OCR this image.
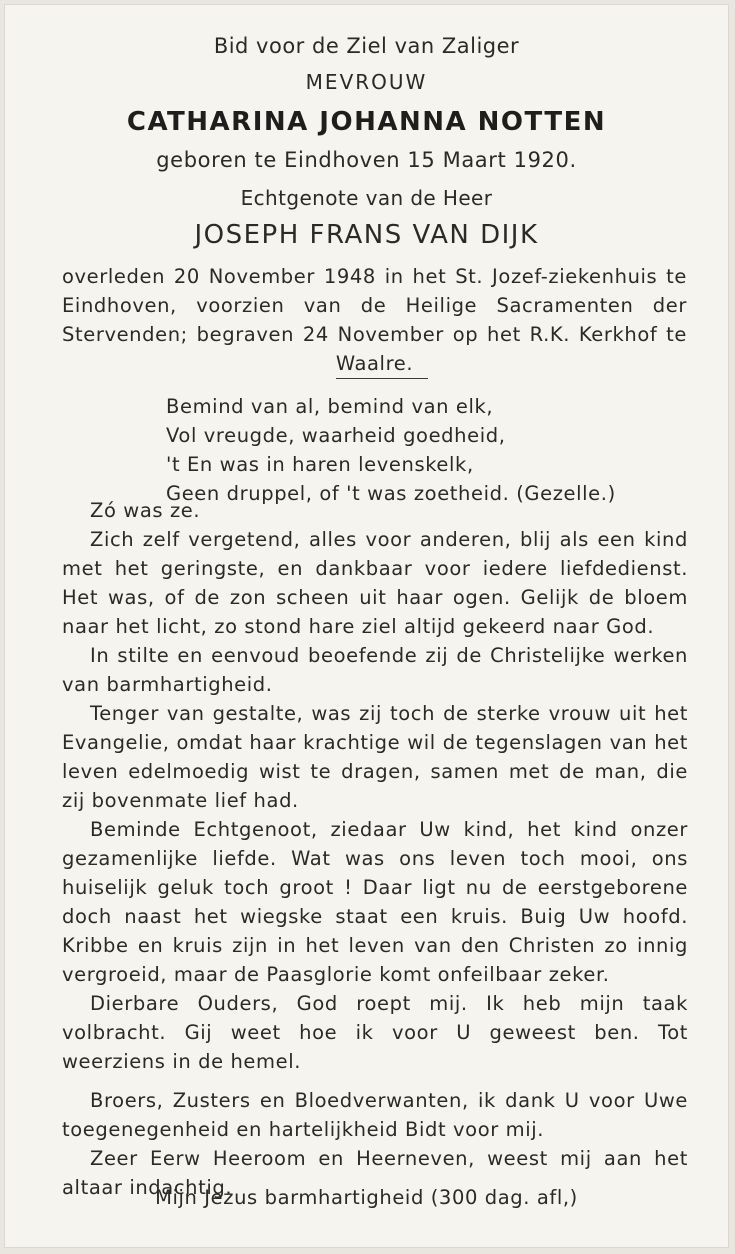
Bid voor de Ziel van Zaliger
MEVROUW
CATHARINA JOHANNA NOTTEN
geboren te Eindhoven 15 Maart 1920.
Echtgenote van de Heer
JOSEPH FRANS VAN DIJK
overleden 20 November 1948 in het St. Jozef-ziekenhuis te Eindhoven, voorzien van de Heilige Sacramenten der Stervenden; begraven 24 November op het R.K. Kerkhof te Waalre.
Bemind van al, bemind van elk,
Vol vreugde, waarheid goedheid,
't En was in haren levenskelk,
Geen druppel, of 't was zoetheid. (Gezelle.)

Zó was ze.

Zich zelf vergetend, alles voor anderen, blij als een kind met het geringste, en dankbaar voor iedere liefdedienst. Het was, of de zon scheen uit haar ogen. Gelijk de bloem naar het licht, zo stond hare ziel altijd gekeerd naar God.

In stilte en eenvoud beoefende zij de Christelijke werken van barmhartigheid.

Tenger van gestalte, was zij toch de sterke vrouw uit het Evangelie, omdat haar krachtige wil de tegenslagen van het leven edelmoedig wist te dragen, samen met de man, die zij bovenmate lief had.

Beminde Echtgenoot, ziedaar Uw kind, het kind onzer gezamenlijke liefde. Wat was ons leven toch mooi, ons huiselijk geluk toch groot ! Daar ligt nu de eerstgeborene doch naast het wiegske staat een kruis. Buig Uw hoofd. Kribbe en kruis zijn in het leven van den Christen zo innig vergroeid, maar de Paasglorie komt onfeilbaar zeker.

Dierbare Ouders, God roept mij. Ik heb mijn taak volbracht. Gij weet hoe ik voor U geweest ben. Tot weerziens in de hemel.

Broers, Zusters en Bloedverwanten, ik dank U voor Uwe toegenegenheid en hartelijkheid Bidt voor mij.

Zeer Eerw Heeroom en Heerneven, weest mij aan het altaar indachtig.

Mijn Jezus barmhartigheid (300 dag. afl,)
